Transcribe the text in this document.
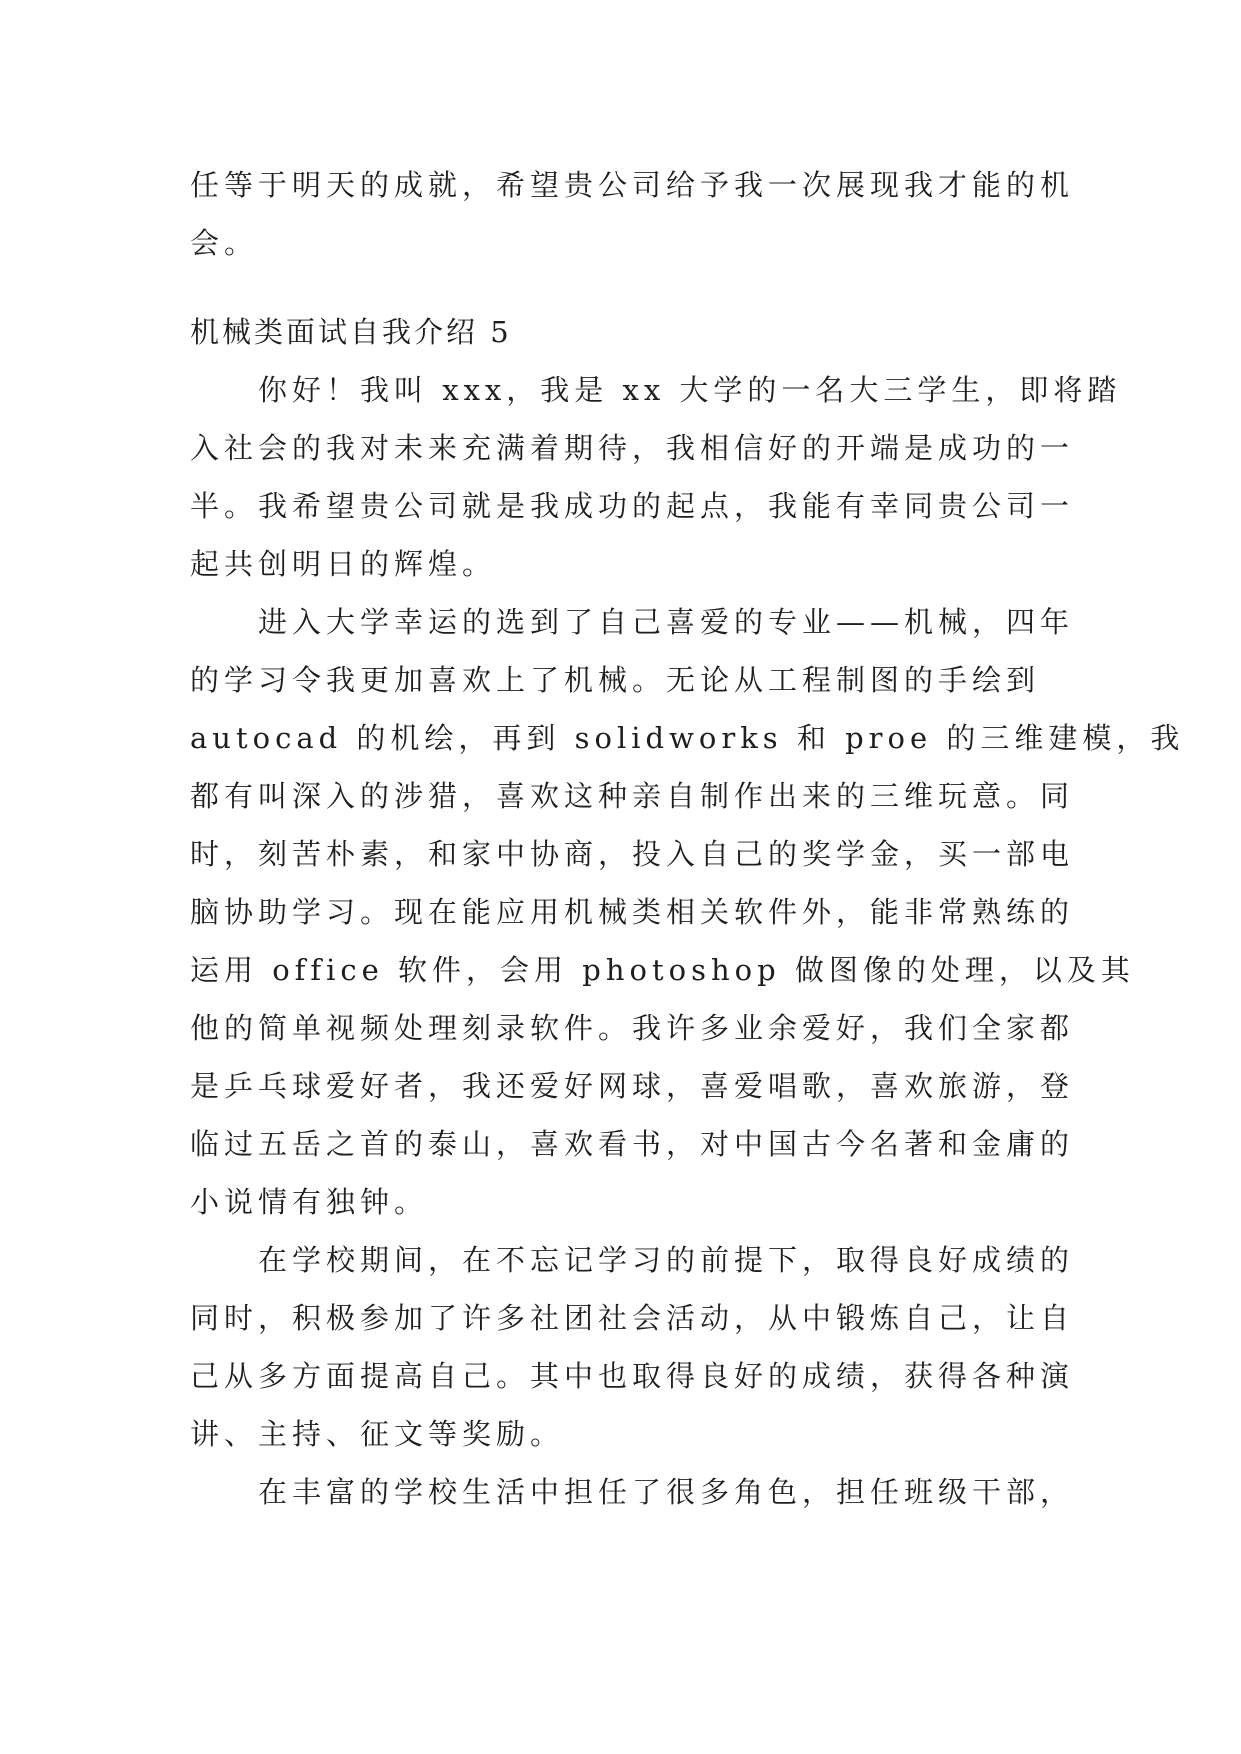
任等于明天的成就，希望贵公司给予我一次展现我才能的机
会。
机械类面试自我介绍 5
你好！我叫 xxx，我是 xx 大学的一名大三学生，即将踏
入社会的我对未来充满着期待，我相信好的开端是成功的一
半。我希望贵公司就是我成功的起点，我能有幸同贵公司一
起共创明日的辉煌。
进入大学幸运的选到了自己喜爱的专业——机械，四年
的学习令我更加喜欢上了机械。无论从工程制图的手绘到
autocad 的机绘，再到 solidworks 和 proe 的三维建模，我
都有叫深入的涉猎，喜欢这种亲自制作出来的三维玩意。同
时，刻苦朴素，和家中协商，投入自己的奖学金，买一部电
脑协助学习。现在能应用机械类相关软件外，能非常熟练的
运用 office 软件，会用 photoshop 做图像的处理，以及其
他的简单视频处理刻录软件。我许多业余爱好，我们全家都
是乒乓球爱好者，我还爱好网球，喜爱唱歌，喜欢旅游，登
临过五岳之首的泰山，喜欢看书，对中国古今名著和金庸的
小说情有独钟。
在学校期间，在不忘记学习的前提下，取得良好成绩的
同时，积极参加了许多社团社会活动，从中锻炼自己，让自
己从多方面提高自己。其中也取得良好的成绩，获得各种演
讲、主持、征文等奖励。
在丰富的学校生活中担任了很多角色，担任班级干部，
